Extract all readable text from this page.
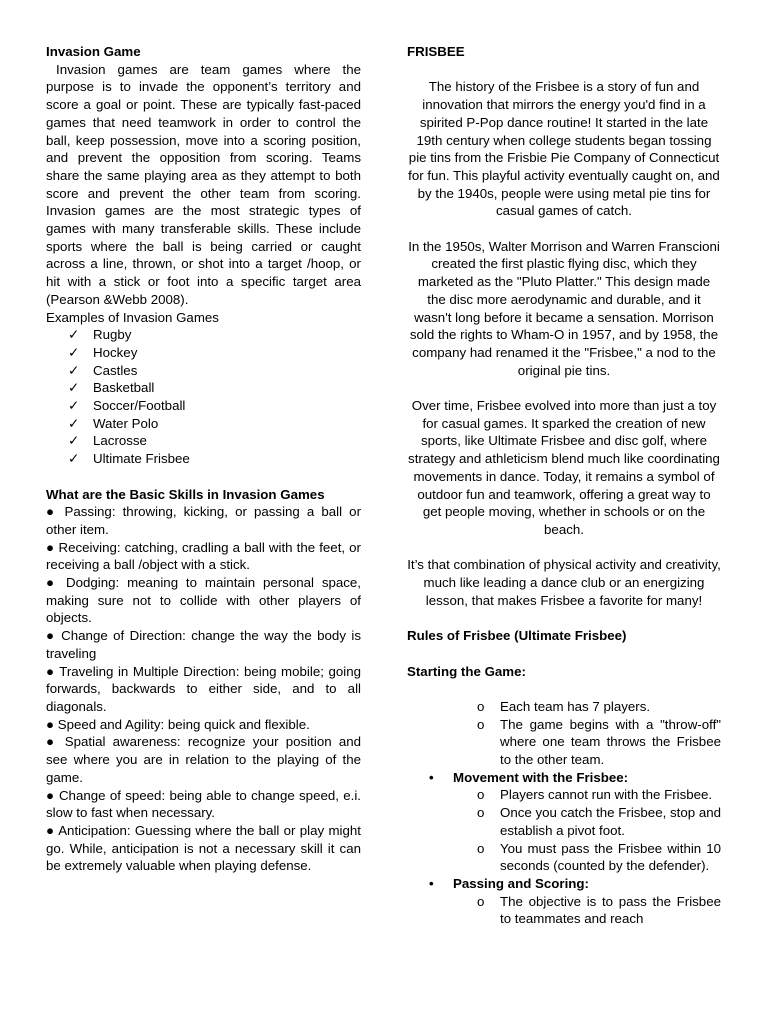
Invasion Game

Invasion games are team games where the purpose is to invade the opponent’s territory and score a goal or point. These are typically fast-paced games that need teamwork in order to control the ball, keep possession, move into a scoring position, and prevent the opposition from scoring. Teams share the same playing area as they attempt to both score and prevent the other team from scoring. Invasion games are the most strategic types of games with many transferable skills. These include sports where the ball is being carried or caught across a line, thrown, or shot into a target /hoop, or hit with a stick or foot into a specific target area (Pearson &Webb 2008).

Examples of Invasion Games

✓ Rugby
✓ Hockey
✓ Castles
✓ Basketball
✓ Soccer/Football
✓ Water Polo
✓ Lacrosse
✓ Ultimate Frisbee

What are the Basic Skills in Invasion Games

● Passing: throwing, kicking, or passing a ball or other item.

● Receiving: catching, cradling a ball with the feet, or receiving a ball /object with a stick.

● Dodging: meaning to maintain personal space, making sure not to collide with other players of objects.

● Change of Direction: change the way the body is traveling

● Traveling in Multiple Direction: being mobile; going forwards, backwards to either side, and to all diagonals.

● Speed and Agility: being quick and flexible.

● Spatial awareness: recognize your position and see where you are in relation to the playing of the game.

● Change of speed: being able to change speed, e.i. slow to fast when necessary.

● Anticipation: Guessing where the ball or play might go. While, anticipation is not a necessary skill it can be extremely valuable when playing defense.

FRISBEE

The history of the Frisbee is a story of fun and innovation that mirrors the energy you'd find in a spirited P-Pop dance routine! It started in the late 19th century when college students began tossing pie tins from the Frisbie Pie Company of Connecticut for fun. This playful activity eventually caught on, and by the 1940s, people were using metal pie tins for casual games of catch.

In the 1950s, Walter Morrison and Warren Franscioni created the first plastic flying disc, which they marketed as the "Pluto Platter." This design made the disc more aerodynamic and durable, and it wasn't long before it became a sensation. Morrison sold the rights to Wham-O in 1957, and by 1958, the company had renamed it the "Frisbee," a nod to the original pie tins.

Over time, Frisbee evolved into more than just a toy for casual games. It sparked the creation of new sports, like Ultimate Frisbee and disc golf, where strategy and athleticism blend much like coordinating movements in dance. Today, it remains a symbol of outdoor fun and teamwork, offering a great way to get people moving, whether in schools or on the beach.

It’s that combination of physical activity and creativity, much like leading a dance club or an energizing lesson, that makes Frisbee a favorite for many!

Rules of Frisbee (Ultimate Frisbee)

Starting the Game:

o Each team has 7 players.
o The game begins with a "throw-off" where one team throws the Frisbee to the other team.
• Movement with the Frisbee:
o Players cannot run with the Frisbee.
o Once you catch the Frisbee, stop and establish a pivot foot.
o You must pass the Frisbee within 10 seconds (counted by the defender).
• Passing and Scoring:
o The objective is to pass the Frisbee to teammates and reach
